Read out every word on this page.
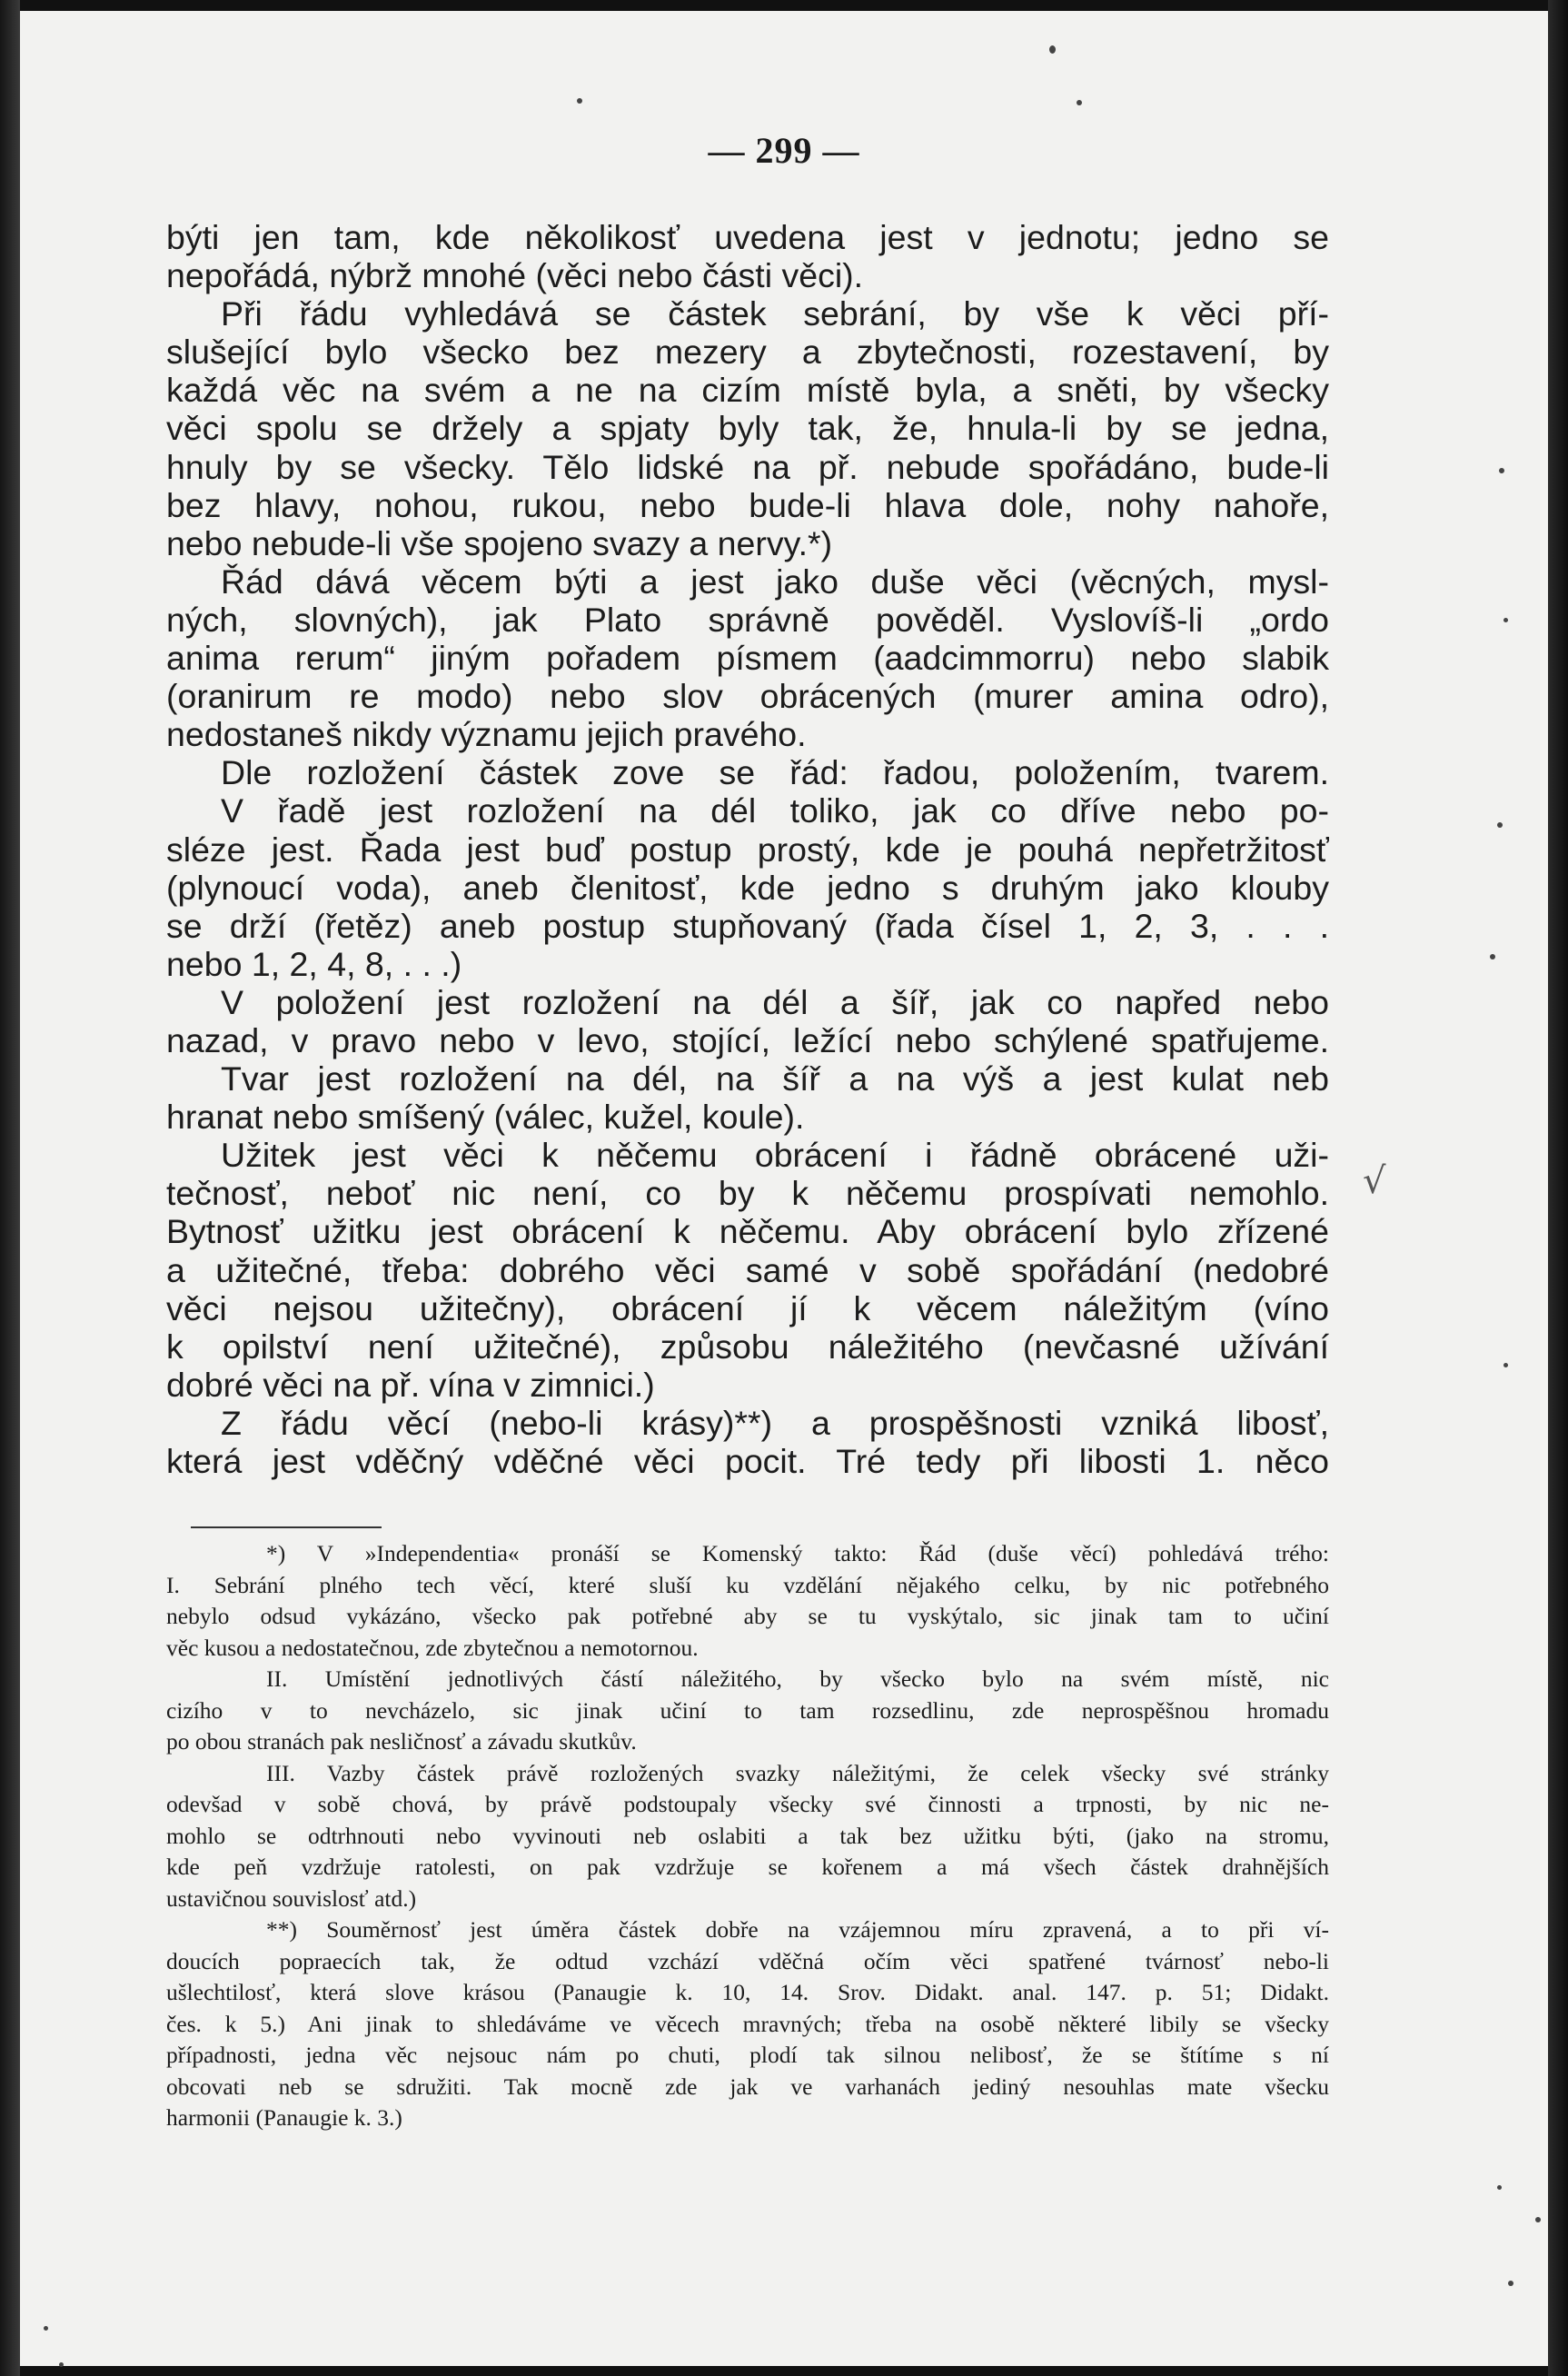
— 299 —
býti jen tam, kde několikosť uvedena jest v jednotu; jedno se
nepořádá, nýbrž mnohé (věci nebo části věci).
Při řádu vyhledává se částek sebrání, by vše k věci pří-
slušející bylo všecko bez mezery a zbytečnosti, rozestavení, by
každá věc na svém a ne na cizím místě byla, a sněti, by všecky
věci spolu se držely a spjaty byly tak, že, hnula-li by se jedna,
hnuly by se všecky. Tělo lidské na př. nebude spořádáno, bude-li
bez hlavy, nohou, rukou, nebo bude-li hlava dole, nohy nahoře,
nebo nebude-li vše spojeno svazy a nervy.*)
Řád dává věcem býti a jest jako duše věci (věcných, mysl-
ných, slovných), jak Plato správně pověděl. Vyslovíš-li „ordo
anima rerum“ jiným pořadem písmem (aadcimmorru) nebo slabik
(oranirum re modo) nebo slov obrácených (murer amina odro),
nedostaneš nikdy významu jejich pravého.
Dle rozložení částek zove se řád: řadou, položením, tvarem.
V řadě jest rozložení na dél toliko, jak co dříve nebo po-
sléze jest. Řada jest buď postup prostý, kde je pouhá nepřetržitosť
(plynoucí voda), aneb členitosť, kde jedno s druhým jako klouby
se drží (řetěz) aneb postup stupňovaný (řada čísel 1, 2, 3, . . .
nebo 1, 2, 4, 8, . . .)
V položení jest rozložení na dél a šíř, jak co napřed nebo
nazad, v pravo nebo v levo, stojící, ležící nebo schýlené spatřujeme.
Tvar jest rozložení na dél, na šíř a na výš a jest kulat neb
hranat nebo smíšený (válec, kužel, koule).
Užitek jest věci k něčemu obrácení i řádně obrácené uži-
tečnosť, neboť nic není, co by k něčemu prospívati nemohlo.
Bytnosť užitku jest obrácení k něčemu. Aby obrácení bylo zřízené
a užitečné, třeba: dobrého věci samé v sobě spořádání (nedobré
věci nejsou užitečny), obrácení jí k věcem náležitým (víno
k opilství není užitečné), způsobu náležitého (nevčasné užívání
dobré věci na př. vína v zimnici.)
Z řádu věcí (nebo-li krásy)**) a prospěšnosti vzniká libosť,
která jest vděčný vděčné věci pocit. Tré tedy při libosti 1. něco
*) V »Independentia« pronáší se Komenský takto: Řád (duše věcí) pohledává trého:
I. Sebrání plného tech věcí, které sluší ku vzdělání nějakého celku, by nic potřebného
nebylo odsud vykázáno, všecko pak potřebné aby se tu vyskýtalo, sic jinak tam to učiní
věc kusou a nedostatečnou, zde zbytečnou a nemotornou.
II. Umístění jednotlivých částí náležitého, by všecko bylo na svém místě, nic
cizího v to nevcházelo, sic jinak učiní to tam rozsedlinu, zde neprospěšnou hromadu
po obou stranách pak nesličnosť a závadu skutkův.
III. Vazby částek právě rozložených svazky náležitými, že celek všecky své stránky
odevšad v sobě chová, by právě podstoupaly všecky své činnosti a trpnosti, by nic ne-
mohlo se odtrhnouti nebo vyvinouti neb oslabiti a tak bez užitku býti, (jako na stromu,
kde peň vzdržuje ratolesti, on pak vzdržuje se kořenem a má všech částek drahnějších
ustavičnou souvislosť atd.)
**) Souměrnosť jest úměra částek dobře na vzájemnou míru zpravená, a to při ví-
doucích popraecích tak, že odtud vzchází vděčná očím věci spatřené tvárnosť nebo-li
ušlechtilosť, která slove krásou (Panaugie k. 10, 14. Srov. Didakt. anal. 147. p. 51; Didakt.
čes. k 5.) Ani jinak to shledáváme ve věcech mravných; třeba na osobě některé libily se všecky
případnosti, jedna věc nejsouc nám po chuti, plodí tak silnou nelibosť, že se štítíme s ní
obcovati neb se sdružiti. Tak mocně zde jak ve varhanách jediný nesouhlas mate všecku
harmonii (Panaugie k. 3.)
√
